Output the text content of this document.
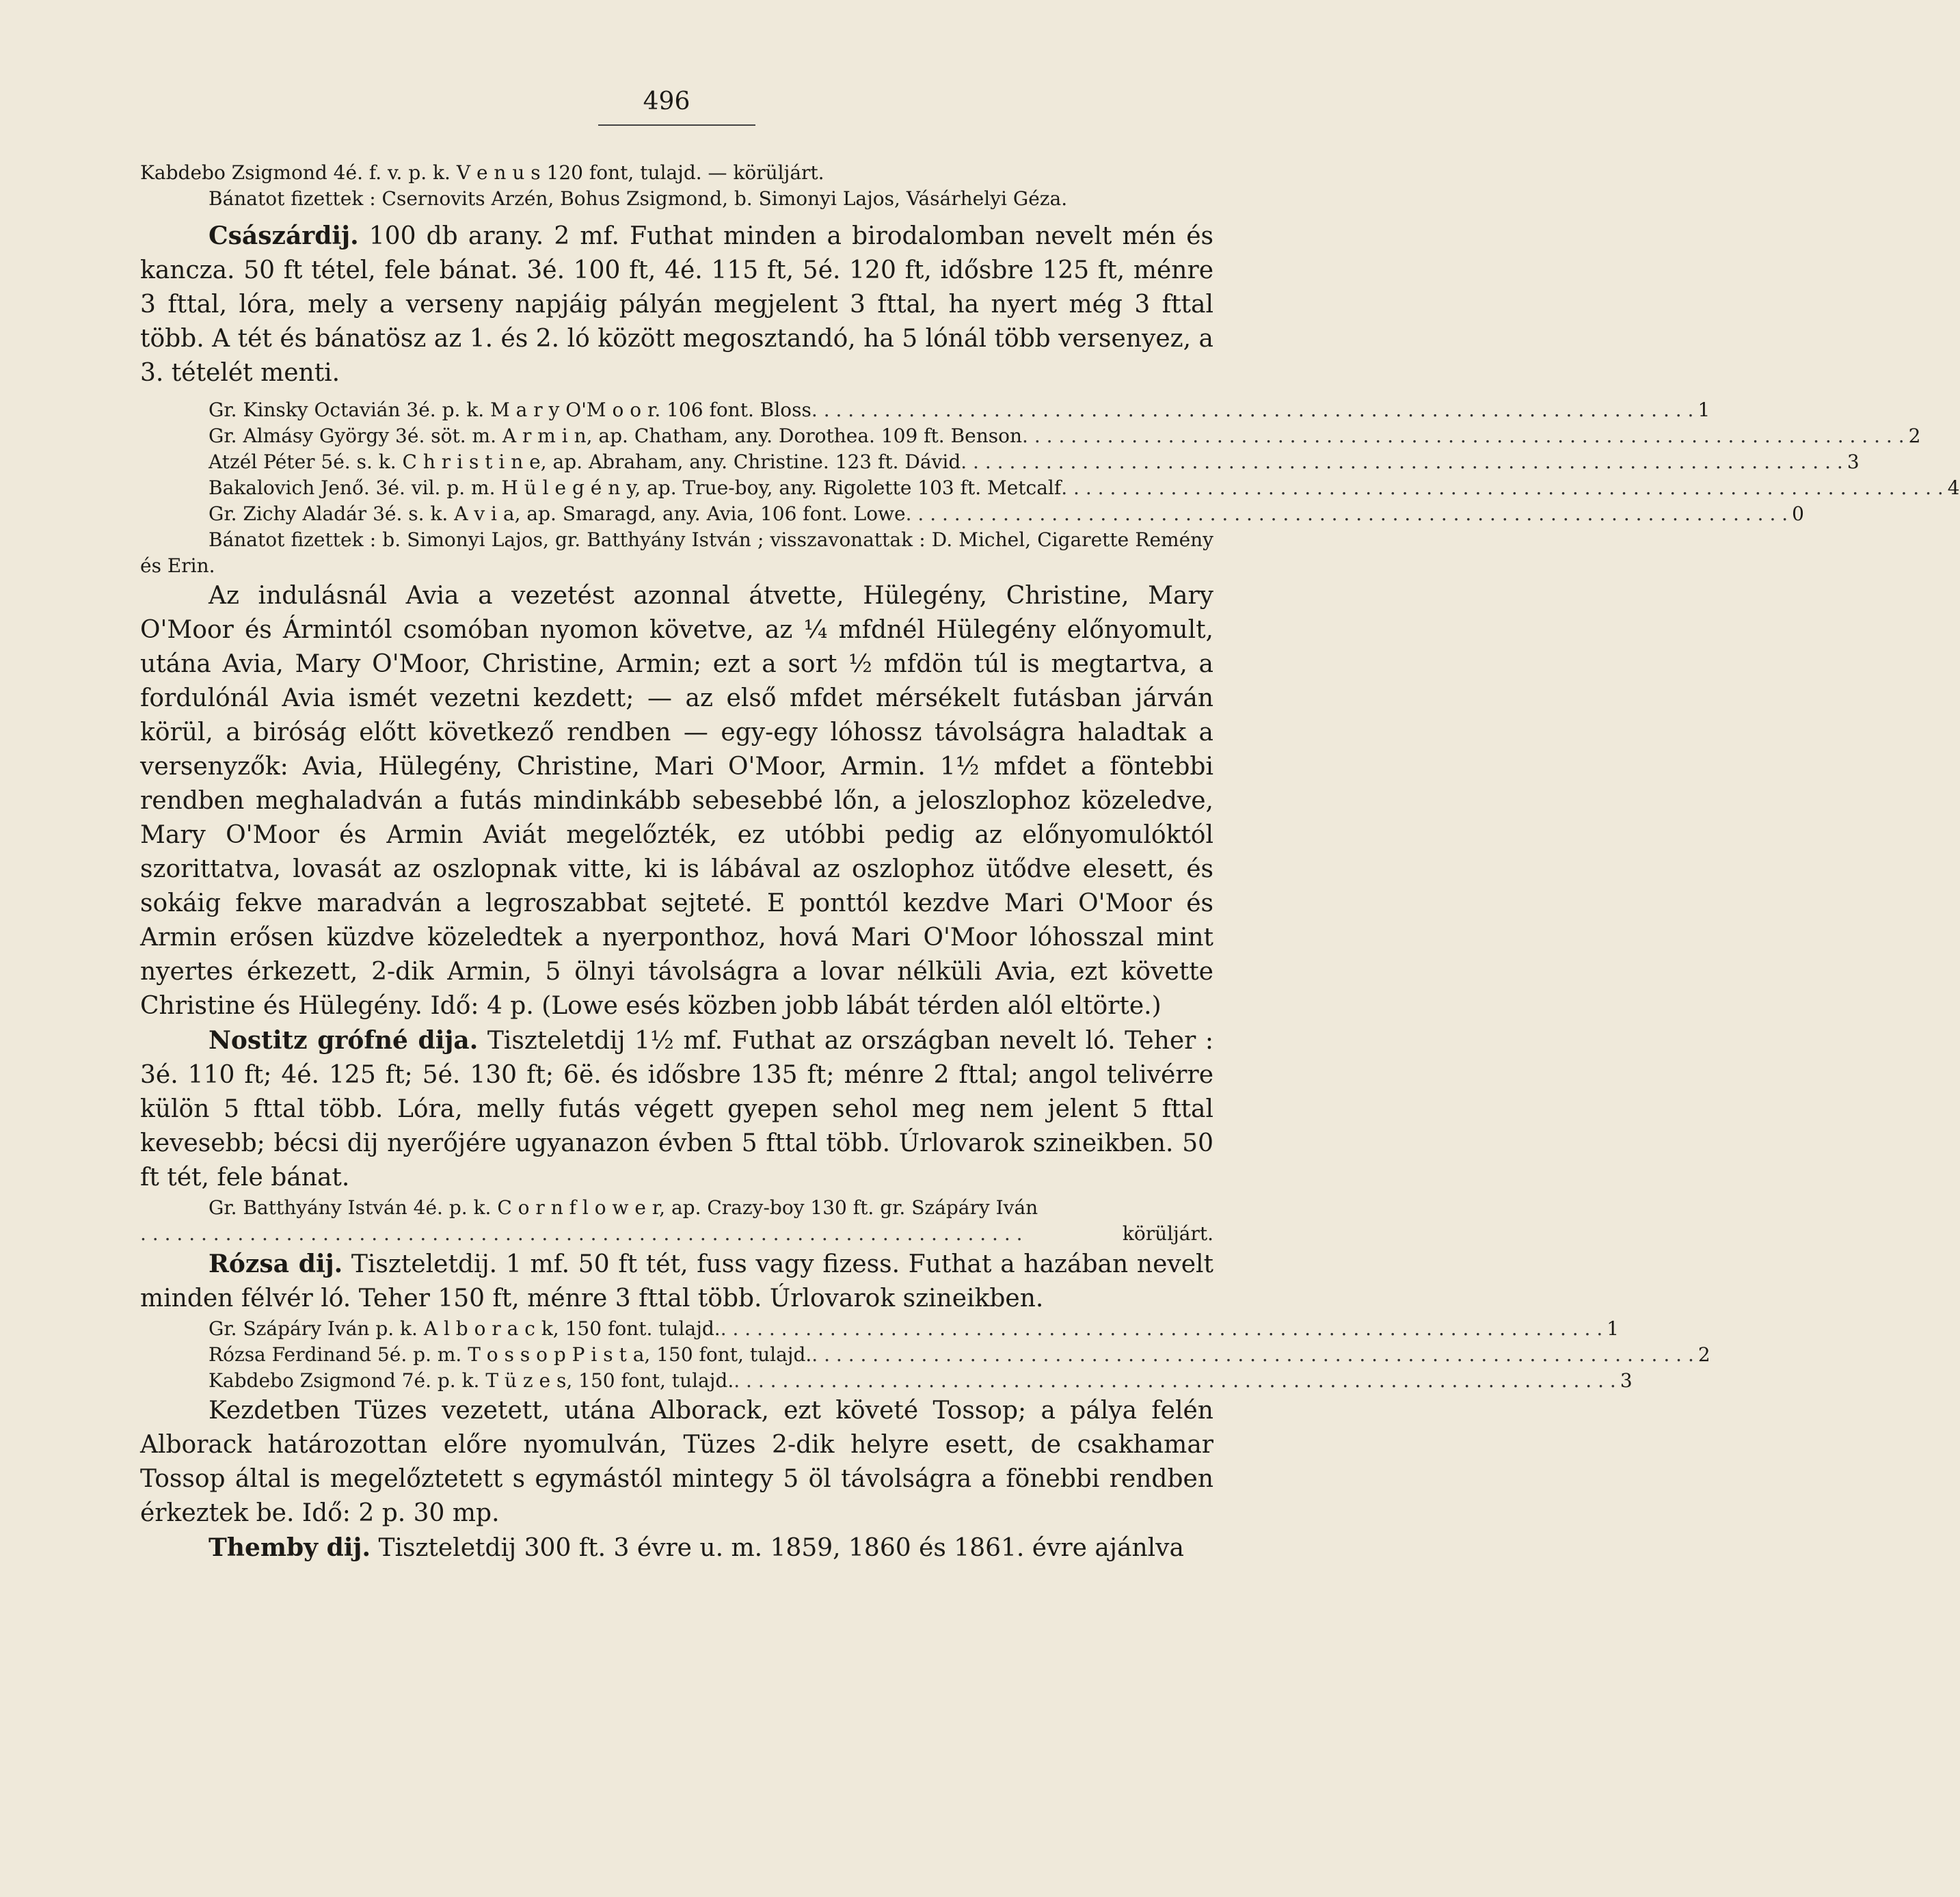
496

Kabdebo Zsigmond 4é. f. v. p. k. V e n u s 120 font, tulajd. — körüljárt.

Bánatot fizettek : Csernovits Arzén, Bohus Zsigmond, b. Simonyi Lajos, Vásárhelyi Géza.

Császárdij. 100 db arany. 2 mf. Futhat minden a birodalomban nevelt mén és kancza. 50 ft tétel, fele bánat. 3é. 100 ft, 4é. 115 ft, 5é. 120 ft, idősbre 125 ft, ménre 3 fttal, lóra, mely a verseny napjáig pályán megjelent 3 fttal, ha nyert még 3 fttal több. A tét és bánatösz az 1. és 2. ló között megosztandó, ha 5 lónál több versenyez, a 3. tételét menti.

Gr. Kinsky Octavián 3é. p. k. M a r y O'M o o r. 106 font. Bloss . . . . . . . . . . . . . . . . . . . . . . . . . . . . . . . . . . . . . . . . . . . . . . . . . . . . . . . . . . . . . . . . . . . . . . . . . 1
Gr. Almásy György 3é. söt. m. A r m i n, ap. Chatham, any. Dorothea. 109 ft. Benson . . . . . . . . . . . . . . . . . . . . . . . . . . . . . . . . . . . . . . . . . . . . . . . . . . . . . . . . . . . . . . . . . . . . . . . . . 2
Atzél Péter 5é. s. k. C h r i s t i n e, ap. Abraham, any. Christine. 123 ft. Dávid . . . . . . . . . . . . . . . . . . . . . . . . . . . . . . . . . . . . . . . . . . . . . . . . . . . . . . . . . . . . . . . . . . . . . . . . . 3
Bakalovich Jenő. 3é. vil. p. m. H ü l e g é n y, ap. True-boy, any. Rigolette 103 ft. Metcalf . . . . . . . . . . . . . . . . . . . . . . . . . . . . . . . . . . . . . . . . . . . . . . . . . . . . . . . . . . . . . . . . . . . . . . . . . 4
Gr. Zichy Aladár 3é. s. k. A v i a, ap. Smaragd, any. Avia, 106 font. Lowe . . . . . . . . . . . . . . . . . . . . . . . . . . . . . . . . . . . . . . . . . . . . . . . . . . . . . . . . . . . . . . . . . . . . . . . . . 0

Bánatot fizettek : b. Simonyi Lajos, gr. Batthyány István ; visszavonattak : D. Michel, Cigarette Remény és Erin.

Az indulásnál Avia a vezetést azonnal átvette, Hülegény, Christine, Mary O'Moor és Ármintól csomóban nyomon követve, az ¼ mfdnél Hülegény előnyomult, utána Avia, Mary O'Moor, Christine, Armin; ezt a sort ½ mfdön túl is megtartva, a fordulónál Avia ismét vezetni kezdett; — az első mfdet mérsékelt futásban járván körül, a biróság előtt következő rendben — egy-egy lóhossz távolságra haladtak a versenyzők: Avia, Hülegény, Christine, Mari O'Moor, Armin. 1½ mfdet a föntebbi rendben meghaladván a futás mindinkább sebesebbé lőn, a jeloszlophoz közeledve, Mary O'Moor és Armin Aviát megelőzték, ez utóbbi pedig az előnyomulóktól szorittatva, lovasát az oszlopnak vitte, ki is lábával az oszlophoz ütődve elesett, és sokáig fekve maradván a legroszabbat sejteté. E ponttól kezdve Mari O'Moor és Armin erősen küzdve közeledtek a nyerponthoz, hová Mari O'Moor lóhosszal mint nyertes érkezett, 2-dik Armin, 5 ölnyi távolságra a lovar nélküli Avia, ezt követte Christine és Hülegény. Idő: 4 p. (Lowe esés közben jobb lábát térden alól eltörte.)

Nostitz grófné dija. Tiszteletdij 1½ mf. Futhat az országban nevelt ló. Teher : 3é. 110 ft; 4é. 125 ft; 5é. 130 ft; 6ë. és idősbre 135 ft; ménre 2 fttal; angol telivérre külön 5 fttal több. Lóra, melly futás végett gyepen sehol meg nem jelent 5 fttal kevesebb; bécsi dij nyerőjére ugyanazon évben 5 fttal több. Úrlovarok szineikben. 50 ft tét, fele bánat.

Gr. Batthyány István 4é. p. k. C o r n f l o w e r, ap. Crazy-boy 130 ft. gr. Szápáry Iván

. . . . . . . . . . . . . . . . . . . . . . . . . . . . . . . . . . . . . . . . . . . . . . . . . . . . . . . . . . . . . . . . . . . . . . . . .	körüljárt.

Rózsa dij. Tiszteletdij. 1 mf. 50 ft tét, fuss vagy fizess. Futhat a hazában nevelt minden félvér ló. Teher 150 ft, ménre 3 fttal több. Úrlovarok szineikben.

Gr. Szápáry Iván p. k. A l b o r a c k, 150 font. tulajd. . . . . . . . . . . . . . . . . . . . . . . . . . . . . . . . . . . . . . . . . . . . . . . . . . . . . . . . . . . . . . . . . . . . . . . . . . 1
Rózsa Ferdinand 5é. p. m. T o s s o p P i s t a, 150 font, tulajd. . . . . . . . . . . . . . . . . . . . . . . . . . . . . . . . . . . . . . . . . . . . . . . . . . . . . . . . . . . . . . . . . . . . . . . . . . 2
Kabdebo Zsigmond 7é. p. k. T ü z e s, 150 font, tulajd. . . . . . . . . . . . . . . . . . . . . . . . . . . . . . . . . . . . . . . . . . . . . . . . . . . . . . . . . . . . . . . . . . . . . . . . . . 3

Kezdetben Tüzes vezetett, utána Alborack, ezt követé Tossop; a pálya felén Alborack határozottan előre nyomulván, Tüzes 2-dik helyre esett, de csakhamar Tossop által is megelőztetett s egymástól mintegy 5 öl távolságra a fönebbi rendben érkeztek be. Idő: 2 p. 30 mp.

Themby dij. Tiszteletdij 300 ft. 3 évre u. m. 1859, 1860 és 1861. évre ajánlva
